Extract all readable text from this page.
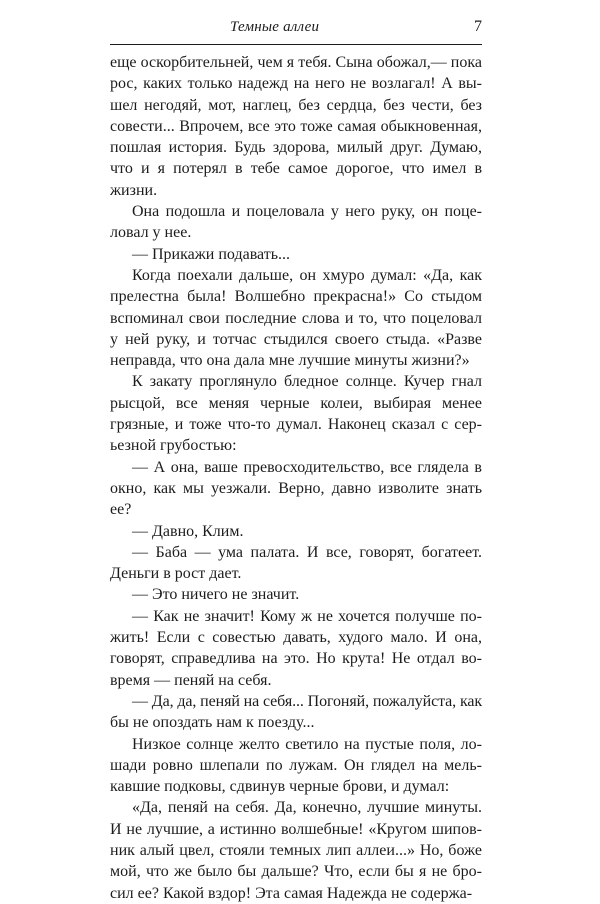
Темные аллеи	7
еще оскорбительней, чем я тебя. Сына обожал,— пока
рос, каких только надежд на него не возлагал! А вы-
шел негодяй, мот, наглец, без сердца, без чести, без
совести... Впрочем, все это тоже самая обыкновенная,
пошлая история. Будь здорова, милый друг. Думаю,
что и я потерял в тебе самое дорогое, что имел в
жизни.
Она подошла и поцеловала у него руку, он поце-
ловал у нее.
— Прикажи подавать...
Когда поехали дальше, он хмуро думал: «Да, как
прелестна была! Волшебно прекрасна!» Со стыдом
вспоминал свои последние слова и то, что поцеловал
у ней руку, и тотчас стыдился своего стыда. «Разве
неправда, что она дала мне лучшие минуты жизни?»
К закату проглянуло бледное солнце. Кучер гнал
рысцой, все меняя черные колеи, выбирая менее
грязные, и тоже что-то думал. Наконец сказал с сер-
ьезной грубостью:
— А она, ваше превосходительство, все глядела в
окно, как мы уезжали. Верно, давно изволите знать
ее?
— Давно, Клим.
— Баба — ума палата. И все, говорят, богатеет.
Деньги в рост дает.
— Это ничего не значит.
— Как не значит! Кому ж не хочется получше по-
жить! Если с совестью давать, худого мало. И она,
говорят, справедлива на это. Но крута! Не отдал во-
время — пеняй на себя.
— Да, да, пеняй на себя... Погоняй, пожалуйста, как
бы не опоздать нам к поезду...
Низкое солнце желто светило на пустые поля, ло-
шади ровно шлепали по лужам. Он глядел на мель-
кавшие подковы, сдвинув черные брови, и думал:
«Да, пеняй на себя. Да, конечно, лучшие минуты.
И не лучшие, а истинно волшебные! «Кругом шипов-
ник алый цвел, стояли темных лип аллеи...» Но, боже
мой, что же было бы дальше? Что, если бы я не бро-
сил ее? Какой вздор! Эта самая Надежда не содержа-
